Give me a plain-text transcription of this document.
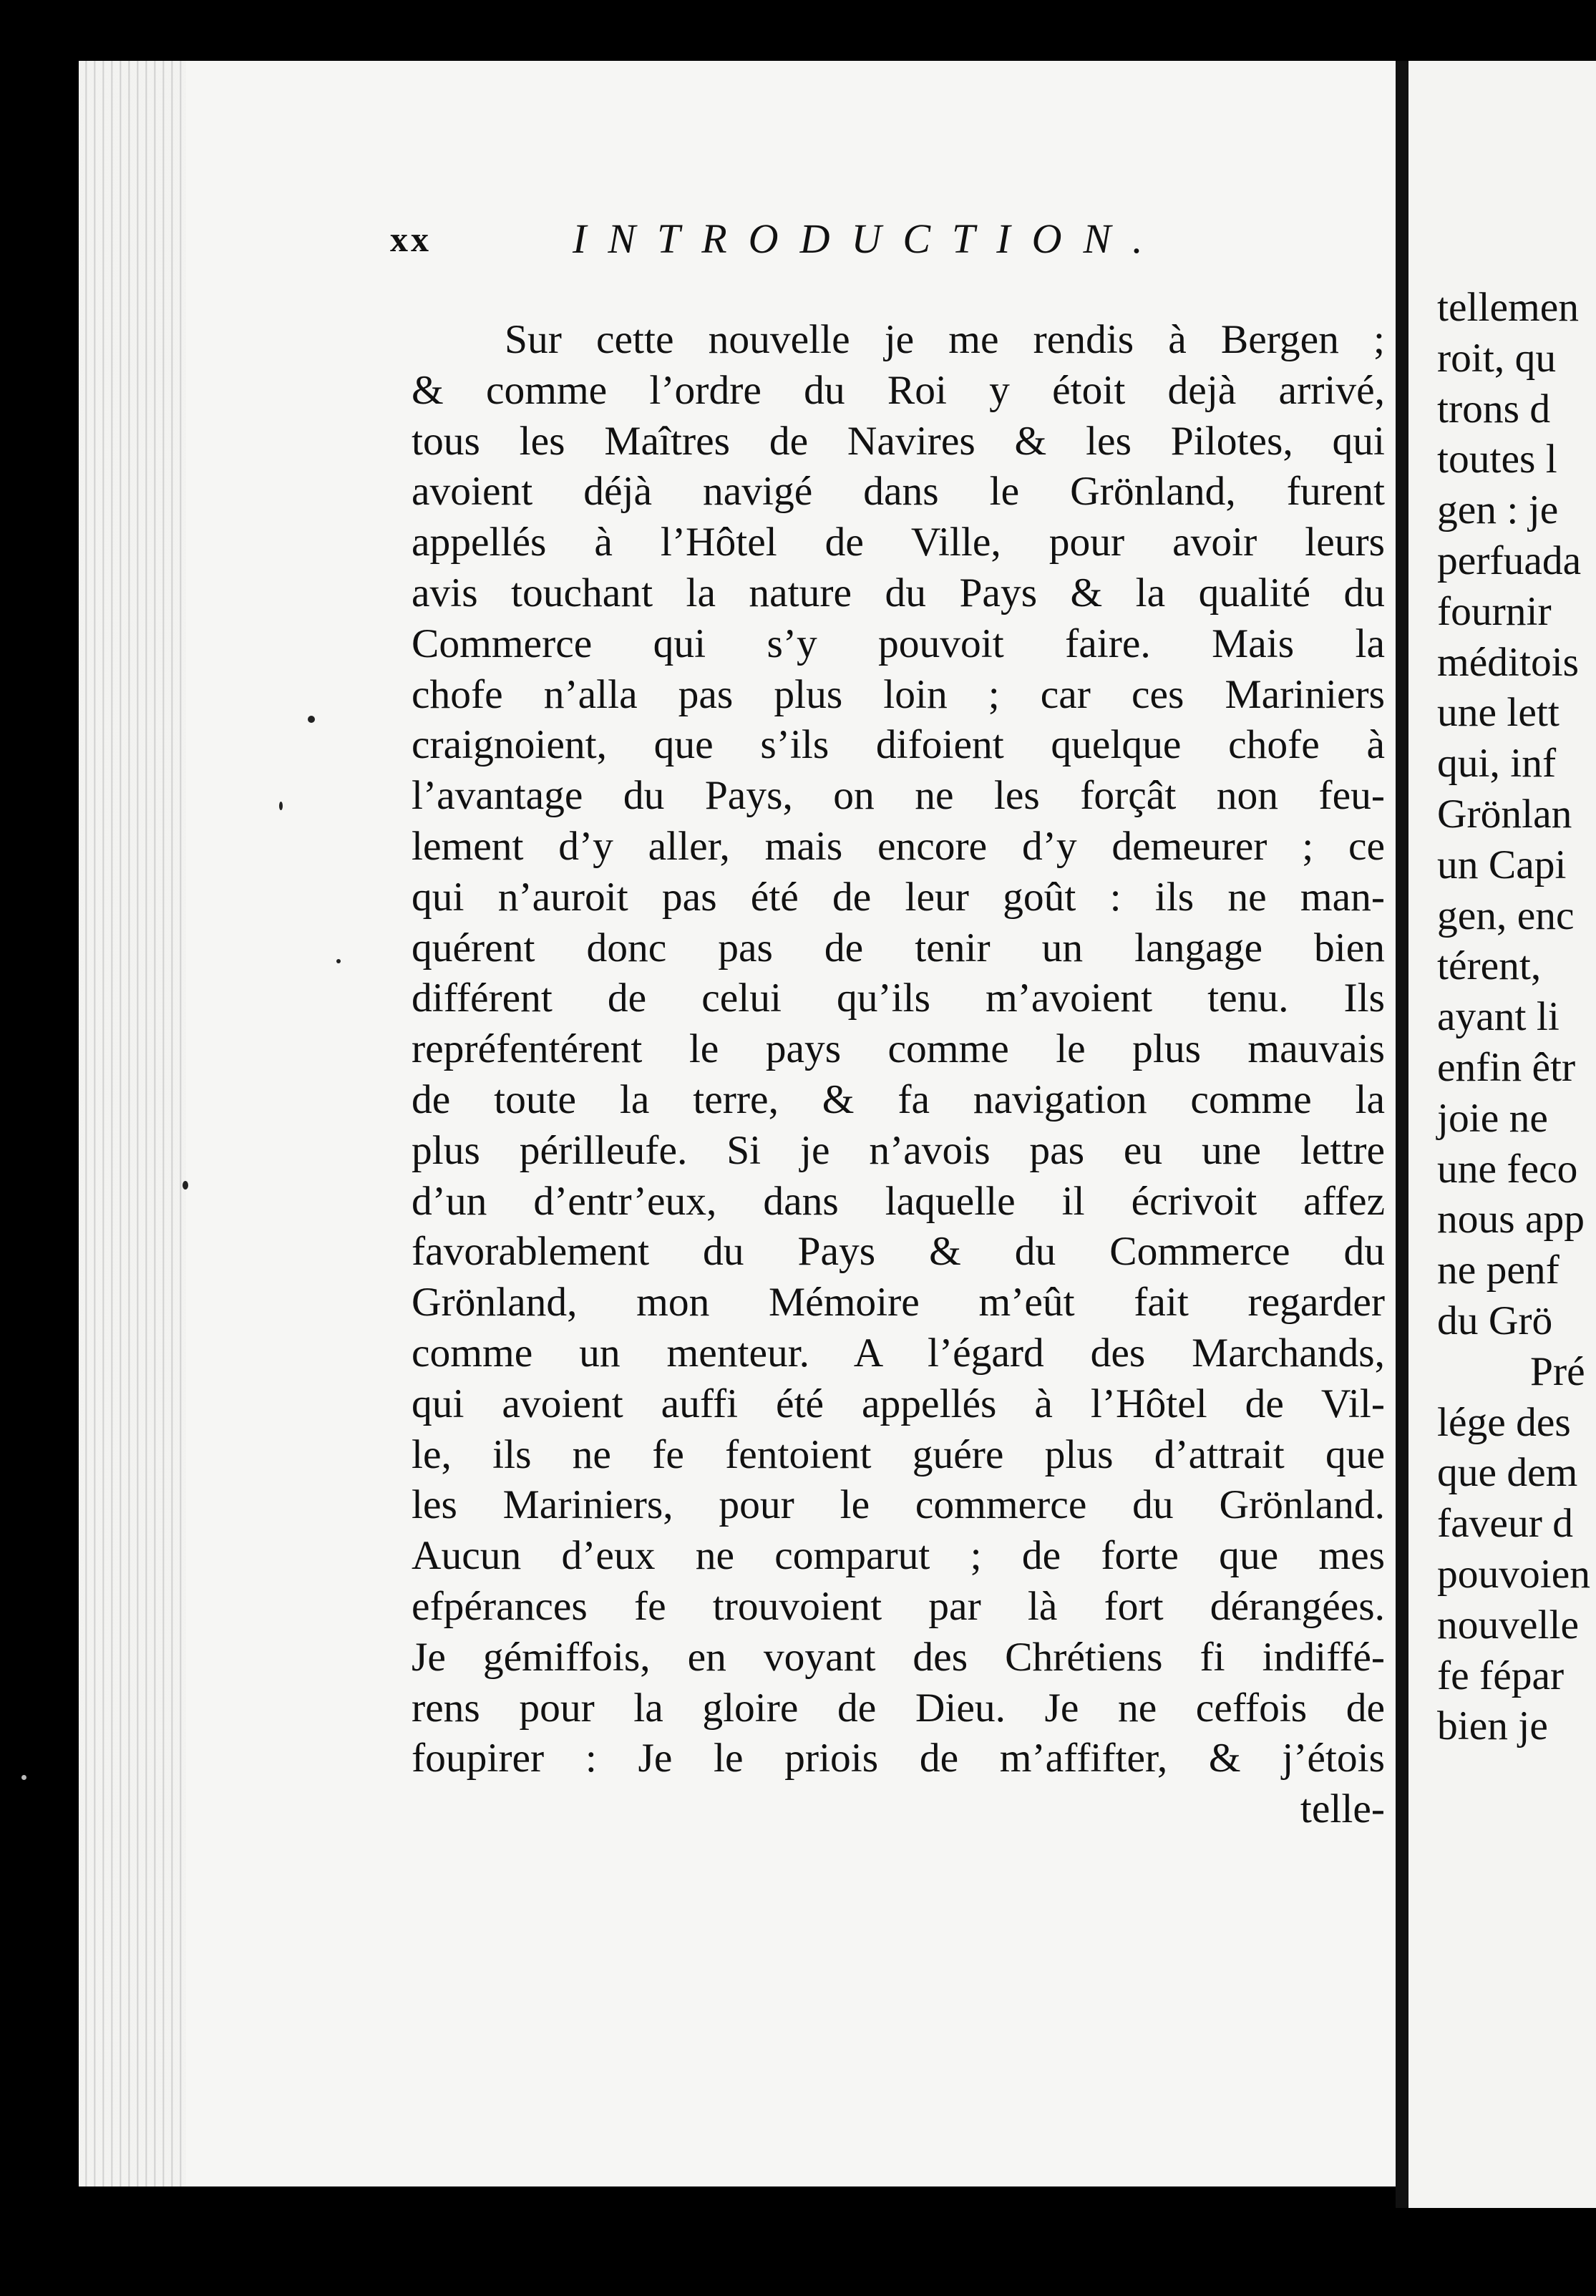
xx	INTRODUCTION.
Sur cette nouvelle je me rendis à Bergen ;
& comme l’ordre du Roi y étoit dejà arrivé,
tous les Maîtres de Navires & les Pilotes, qui
avoient déjà navigé dans le Grönland, furent
appellés à l’Hôtel de Ville, pour avoir leurs
avis touchant la nature du Pays & la qualité du
Commerce qui s’y pouvoit faire. Mais la
chofe n’alla pas plus loin ; car ces Mariniers
craignoient, que s’ils difoient quelque chofe à
l’avantage du Pays, on ne les forçât non feu-
lement d’y aller, mais encore d’y demeurer ; ce
qui n’auroit pas été de leur goût : ils ne man-
quérent donc pas de tenir un langage bien
différent de celui qu’ils m’avoient tenu. Ils
repréfentérent le pays comme le plus mauvais
de toute la terre, & fa navigation comme la
plus périlleufe. Si je n’avois pas eu une lettre
d’un d’entr’eux, dans laquelle il écrivoit affez
favorablement du Pays & du Commerce du
Grönland, mon Mémoire m’eût fait regarder
comme un menteur. A l’égard des Marchands,
qui avoient auffi été appellés à l’Hôtel de Vil-
le, ils ne fe fentoient guére plus d’attrait que
les Mariniers, pour le commerce du Grönland.
Aucun d’eux ne comparut ; de forte que mes
efpérances fe trouvoient par là fort dérangées.
Je gémiffois, en voyant des Chrétiens fi indiffé-
rens pour la gloire de Dieu. Je ne ceffois de
foupirer : Je le priois de m’affifter, & j’étois
telle-
tellemen
roit, qu
trons d
toutes l
gen : je
perfuada
fournir
méditois
une lett
qui, inf
Grönlan
un Capi
gen, enc
térent,
ayant li
enfin êtr
joie ne
une feco
nous app
ne penf
du Grö
Pré
lége des
que dem
faveur d
pouvoien
nouvelle
fe fépar
bien je
